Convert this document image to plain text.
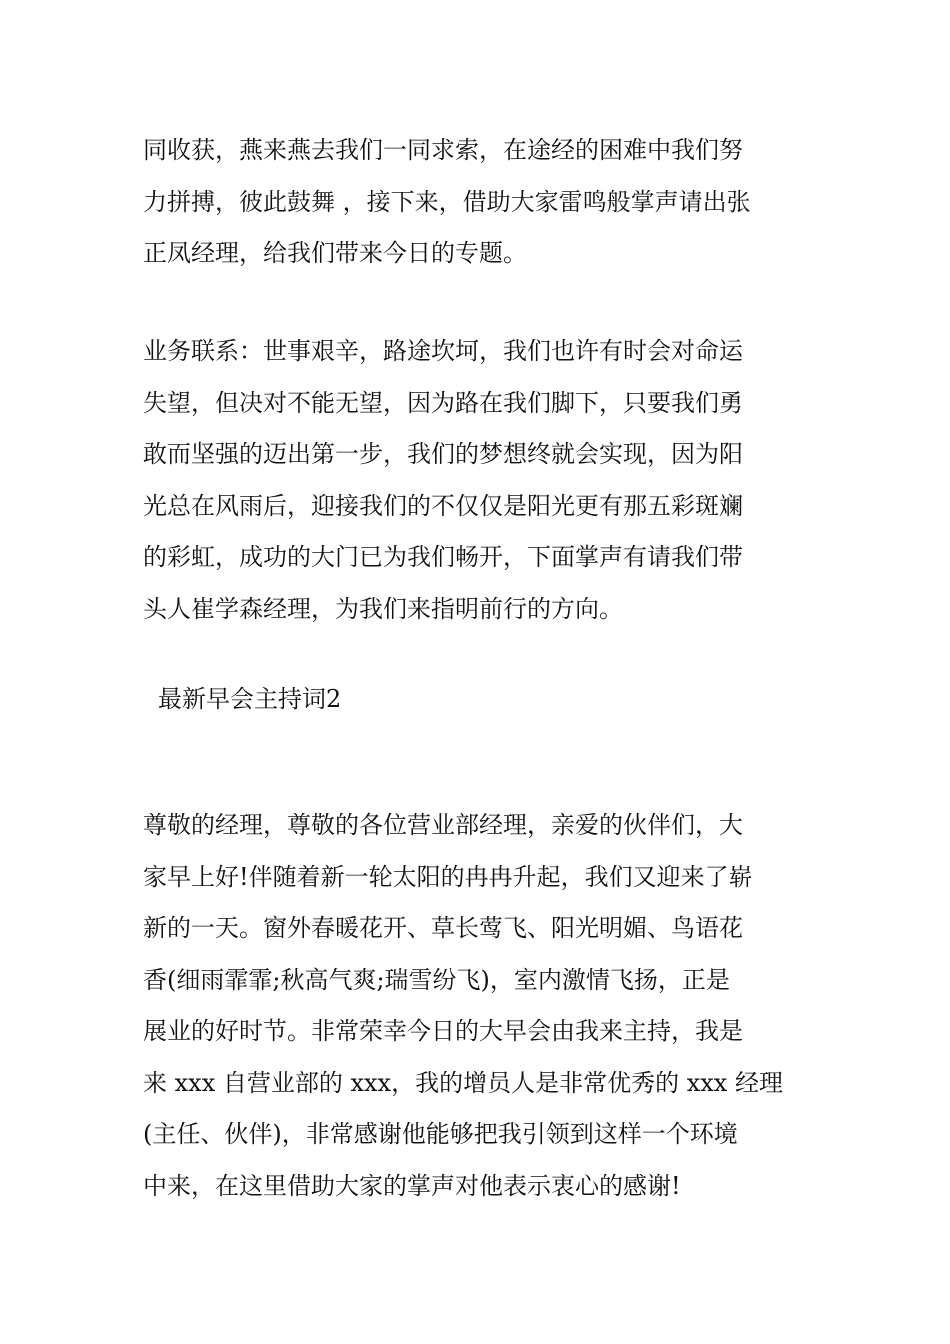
同收获，燕来燕去我们一同求索，在途经的困难中我们努
力拼搏，彼此鼓舞 ，接下来，借助大家雷鸣般掌声请出张
正凤经理，给我们带来今日的专题。

业务联系：世事艰辛，路途坎坷，我们也许有时会对命运
失望，但决对不能无望，因为路在我们脚下，只要我们勇
敢而坚强的迈出第一步，我们的梦想终就会实现，因为阳
光总在风雨后，迎接我们的不仅仅是阳光更有那五彩斑斓
的彩虹，成功的大门已为我们畅开，下面掌声有请我们带
头人崔学森经理，为我们来指明前行的方向。

最新早会主持词2

尊敬的经理，尊敬的各位营业部经理，亲爱的伙伴们，大
家早上好!伴随着新一轮太阳的冉冉升起，我们又迎来了崭
新的一天。窗外春暖花开、草长莺飞、阳光明媚、鸟语花
香(细雨霏霏;秋高气爽;瑞雪纷飞)，室内激情飞扬，正是
展业的好时节。非常荣幸今日的大早会由我来主持，我是
来 xxx 自营业部的 xxx，我的增员人是非常优秀的 xxx 经理
(主任、伙伴)，非常感谢他能够把我引领到这样一个环境
中来，在这里借助大家的掌声对他表示衷心的感谢!
